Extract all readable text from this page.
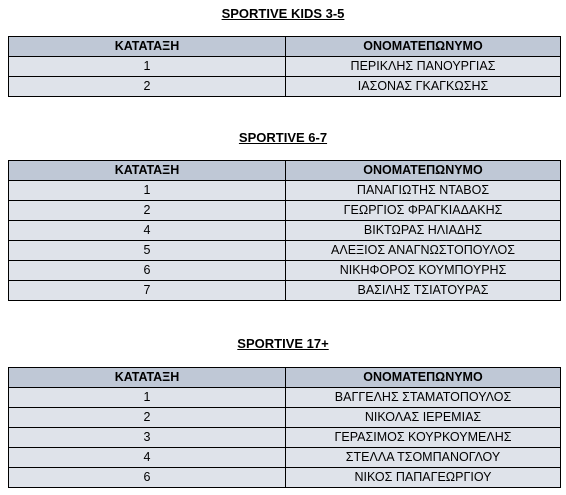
SPORTIVE KIDS 3-5
ΚΑΤΑΤΑΞΗ	ΟΝΟΜΑΤΕΠΩΝΥΜΟ
1	ΠΕΡΙΚΛΗΣ ΠΑΝΟΥΡΓΙΑΣ
2	ΙΑΣΟΝΑΣ ΓΚΑΓΚΩΣΗΣ
SPORTIVE 6-7
ΚΑΤΑΤΑΞΗ	ΟΝΟΜΑΤΕΠΩΝΥΜΟ
1	ΠΑΝΑΓΙΩΤΗΣ ΝΤΑΒΟΣ
2	ΓΕΩΡΓΙΟΣ ΦΡΑΓΚΙΑΔΑΚΗΣ
4	ΒΙΚΤΩΡΑΣ ΗΛΙΑΔΗΣ
5	ΑΛΕΞΙΟΣ ΑΝΑΓΝΩΣΤΟΠΟΥΛΟΣ
6	ΝΙΚΗΦΟΡΟΣ ΚΟΥΜΠΟΥΡΗΣ
7	ΒΑΣΙΛΗΣ ΤΣΙΑΤΟΥΡΑΣ
SPORTIVE 17+
ΚΑΤΑΤΑΞΗ	ΟΝΟΜΑΤΕΠΩΝΥΜΟ
1	ΒΑΓΓΕΛΗΣ ΣΤΑΜΑΤΟΠΟΥΛΟΣ
2	ΝΙΚΟΛΑΣ ΙΕΡΕΜΙΑΣ
3	ΓΕΡΑΣΙΜΟΣ ΚΟΥΡΚΟΥΜΕΛΗΣ
4	ΣΤΕΛΛΑ ΤΣΟΜΠΑΝΟΓΛΟΥ
6	ΝΙΚΟΣ ΠΑΠΑΓΕΩΡΓΙΟΥ
